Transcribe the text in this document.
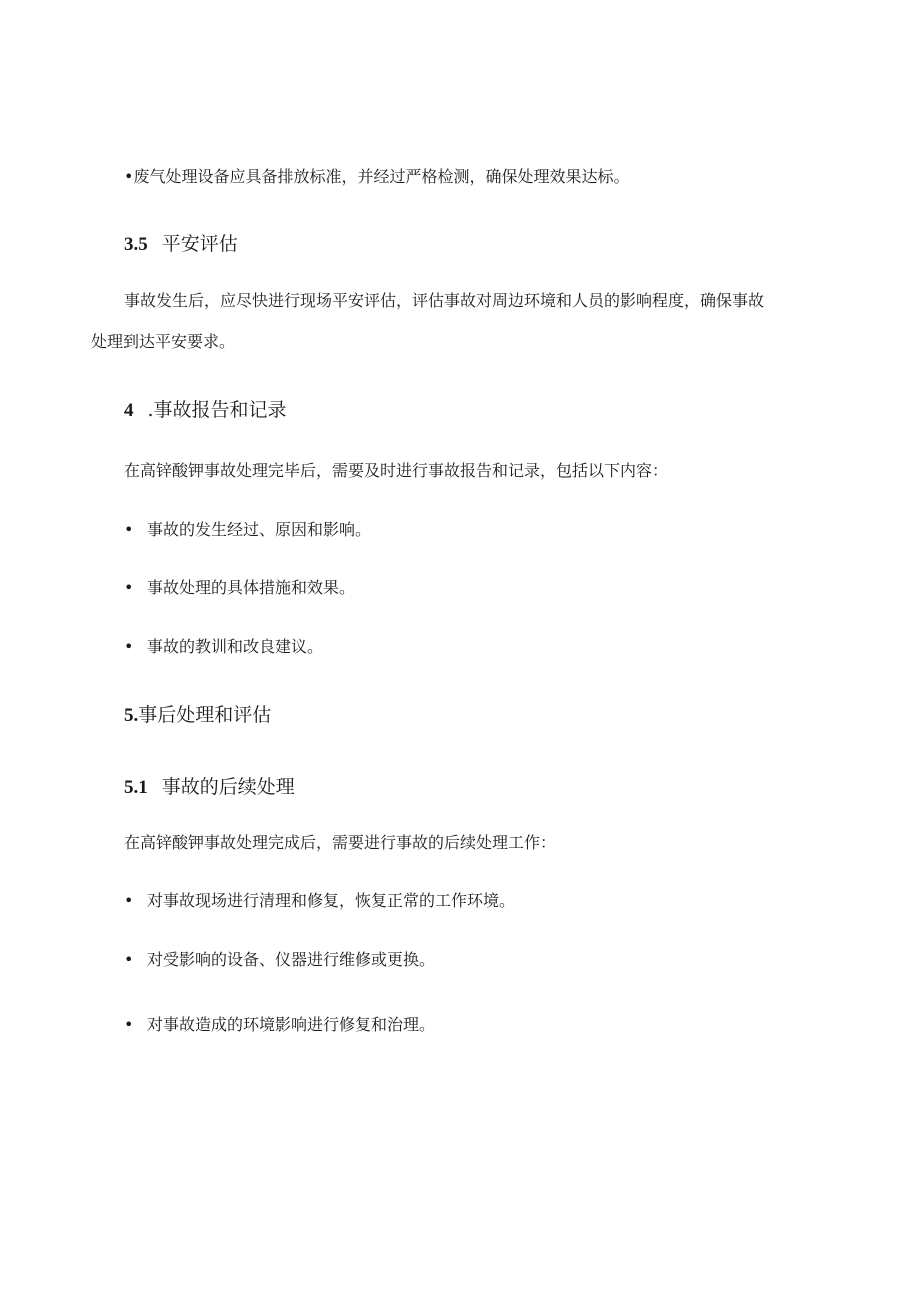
•废气处理设备应具备排放标准，并经过严格检测，确保处理效果达标。
3.5 平安评估
事故发生后，应尽快进行现场平安评估，评估事故对周边环境和人员的影响程度，确保事故
处理到达平安要求。
4 .事故报告和记录
在高锌酸钾事故处理完毕后，需要及时进行事故报告和记录，包括以下内容：
• 事故的发生经过、原因和影响。
• 事故处理的具体措施和效果。
• 事故的教训和改良建议。
5.事后处理和评估
5.1 事故的后续处理
在高锌酸钾事故处理完成后，需要进行事故的后续处理工作：
• 对事故现场进行清理和修复，恢复正常的工作环境。
• 对受影响的设备、仪器进行维修或更换。
• 对事故造成的环境影响进行修复和治理。
